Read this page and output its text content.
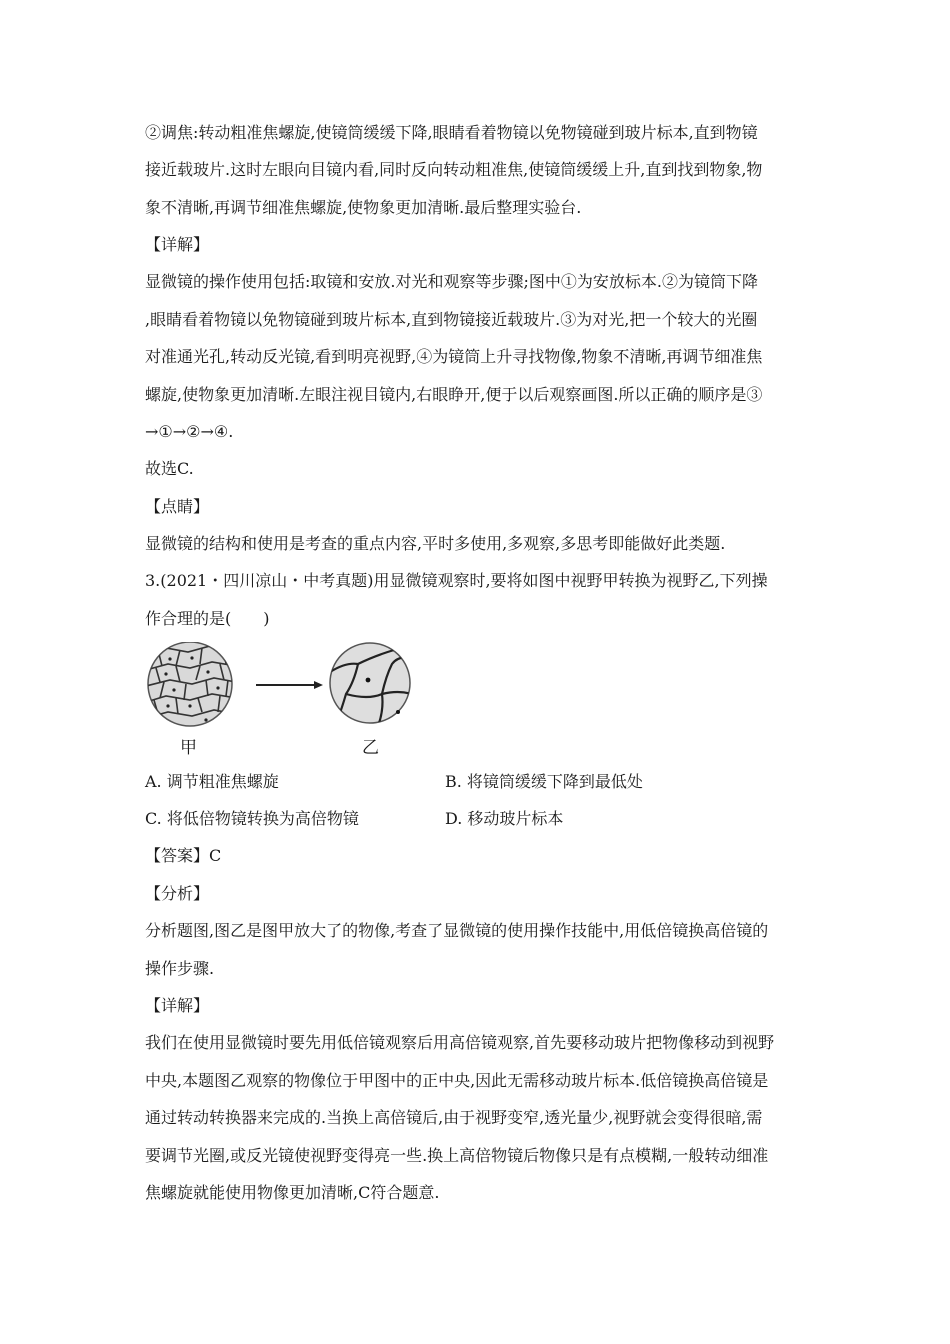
②调焦:转动粗准焦螺旋,使镜筒缓缓下降,眼睛看着物镜以免物镜碰到玻片标本,直到物镜
接近载玻片.这时左眼向目镜内看,同时反向转动粗准焦,使镜筒缓缓上升,直到找到物象,物
象不清晰,再调节细准焦螺旋,使物象更加清晰.最后整理实验台.
【详解】
显微镜的操作使用包括:取镜和安放.对光和观察等步骤;图中①为安放标本.②为镜筒下降
,眼睛看着物镜以免物镜碰到玻片标本,直到物镜接近载玻片.③为对光,把一个较大的光圈
对准通光孔,转动反光镜,看到明亮视野,④为镜筒上升寻找物像,物象不清晰,再调节细准焦
螺旋,使物象更加清晰.左眼注视目镜内,右眼睁开,便于以后观察画图.所以正确的顺序是③
→①→②→④.
故选C.
【点睛】
显微镜的结构和使用是考查的重点内容,平时多使用,多观察,多思考即能做好此类题.
3.(2021・四川凉山・中考真题)用显微镜观察时,要将如图中视野甲转换为视野乙,下列操
作合理的是(　　)
甲	乙
A. 调节粗准焦螺旋	B. 将镜筒缓缓下降到最低处
C. 将低倍物镜转换为高倍物镜	D. 移动玻片标本
【答案】C
【分析】
分析题图,图乙是图甲放大了的物像,考查了显微镜的使用操作技能中,用低倍镜换高倍镜的
操作步骤.
【详解】
我们在使用显微镜时要先用低倍镜观察后用高倍镜观察,首先要移动玻片把物像移动到视野
中央,本题图乙观察的物像位于甲图中的正中央,因此无需移动玻片标本.低倍镜换高倍镜是
通过转动转换器来完成的.当换上高倍镜后,由于视野变窄,透光量少,视野就会变得很暗,需
要调节光圈,或反光镜使视野变得亮一些.换上高倍物镜后物像只是有点模糊,一般转动细准
焦螺旋就能使用物像更加清晰,C符合题意.
